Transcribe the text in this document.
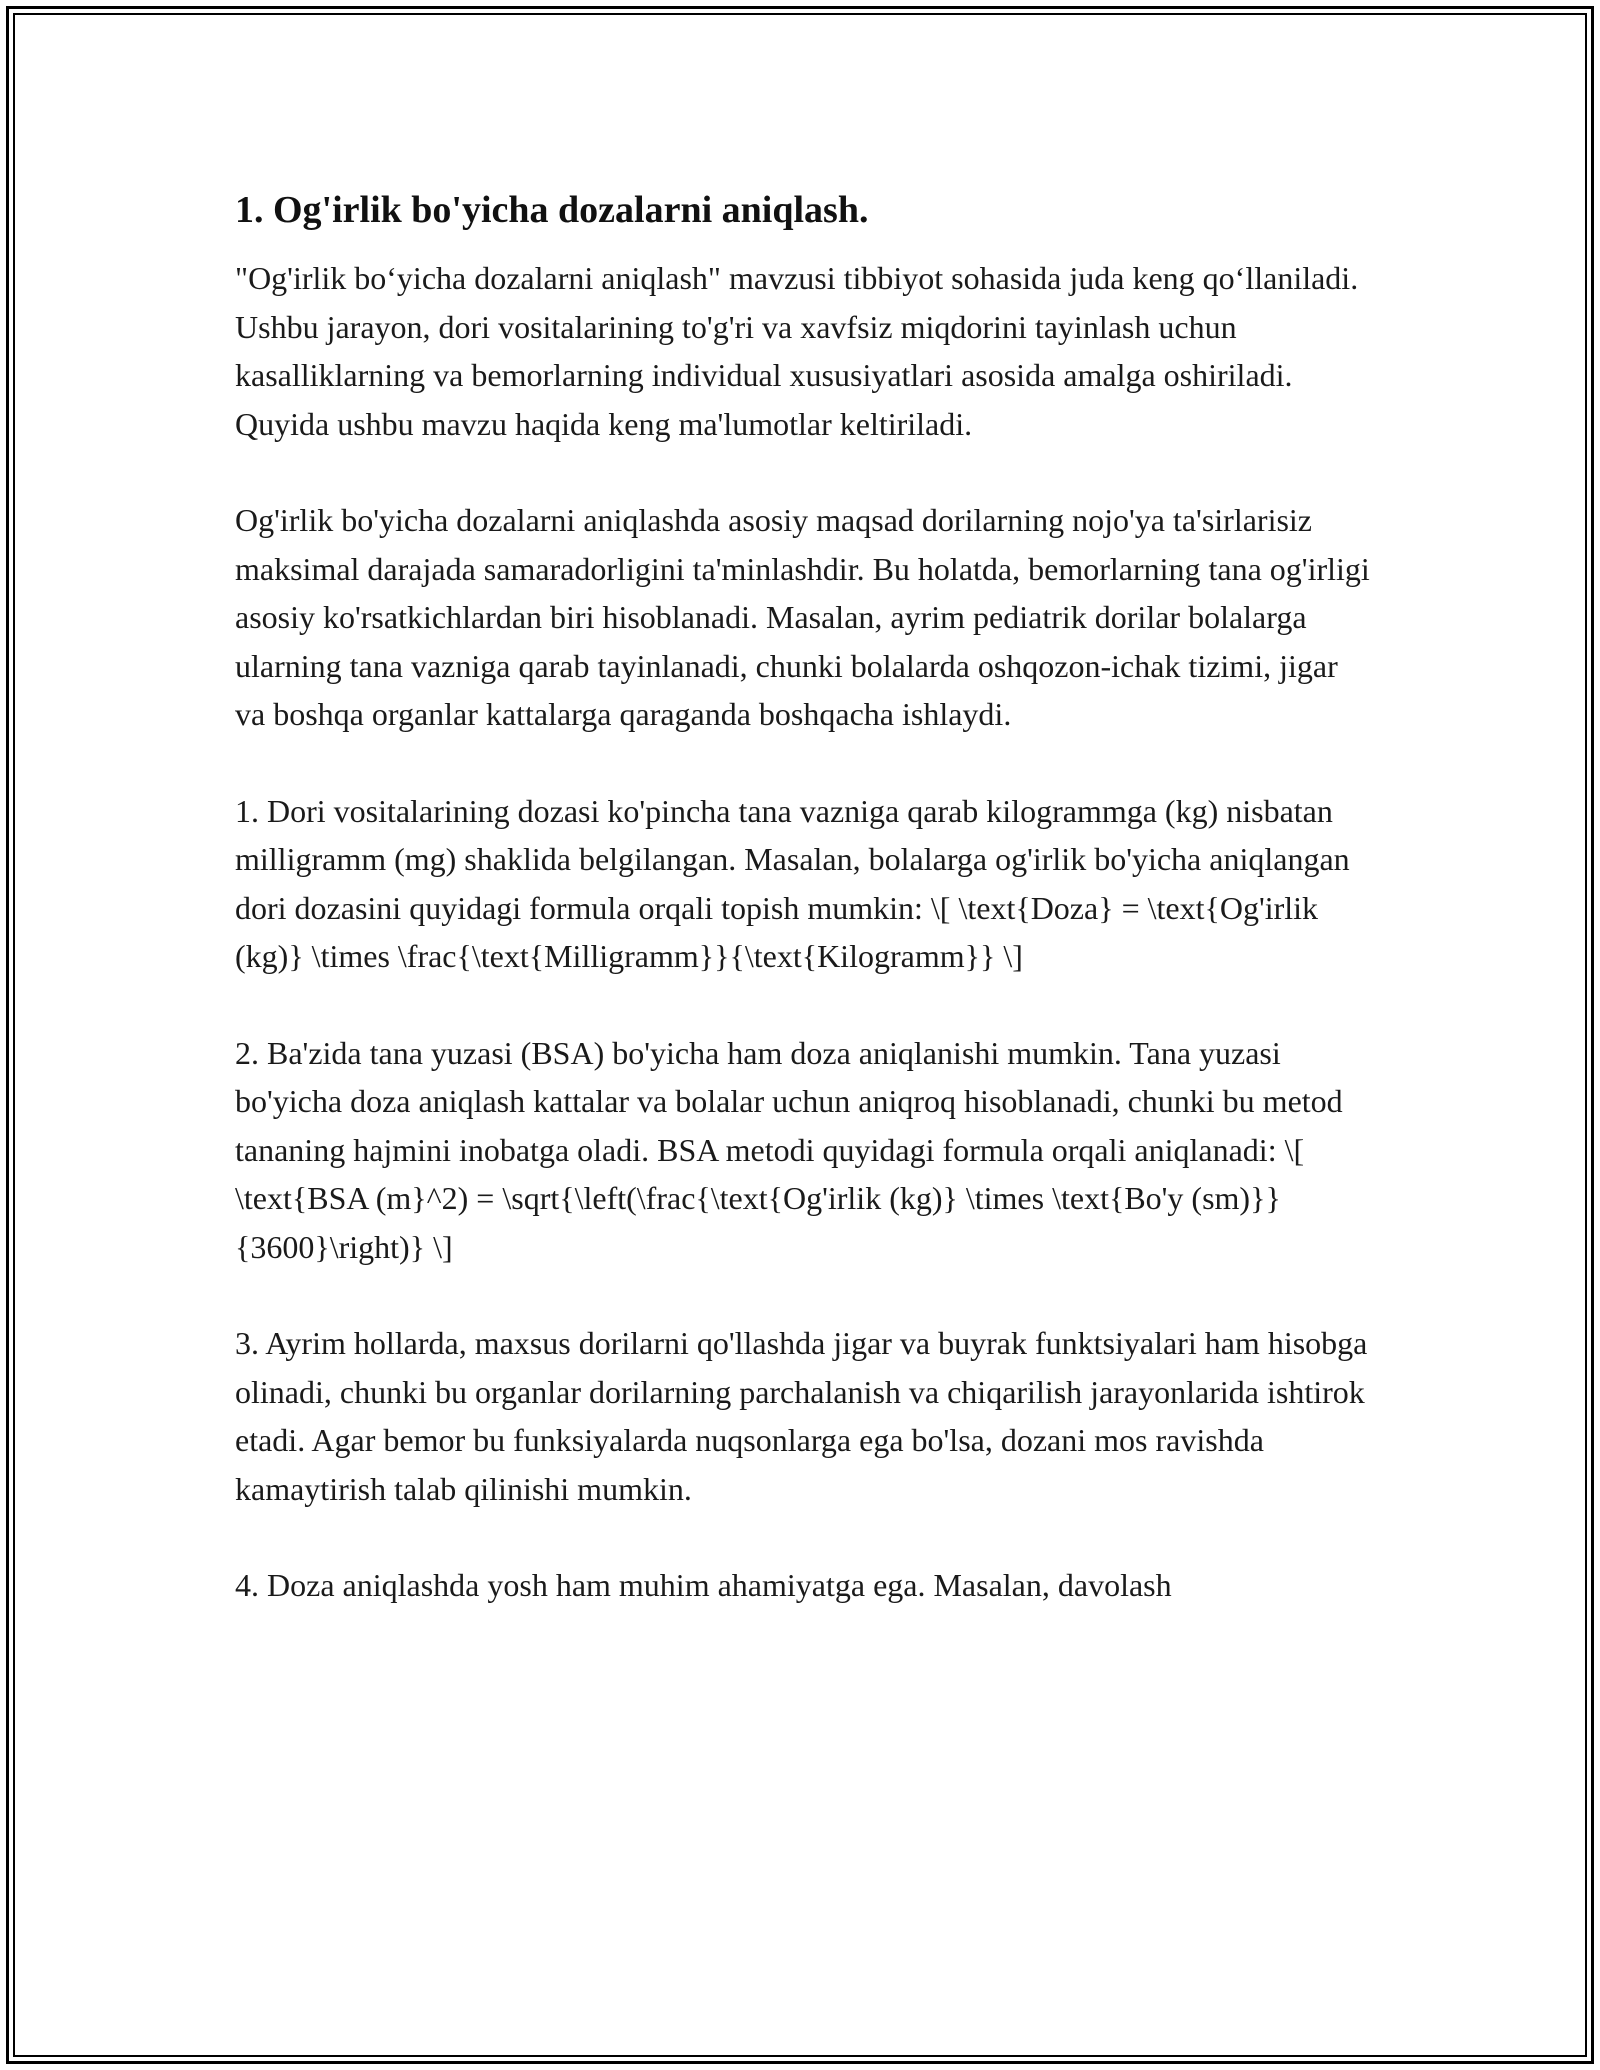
1. Og'irlik bo'yicha dozalarni aniqlash.

"Og'irlik bo‘yicha dozalarni aniqlash" mavzusi tibbiyot sohasida juda keng qo‘llaniladi. Ushbu jarayon, dori vositalarining to'g'ri va xavfsiz miqdorini tayinlash uchun kasalliklarning va bemorlarning individual xususiyatlari asosida amalga oshiriladi. Quyida ushbu mavzu haqida keng ma'lumotlar keltiriladi.

Og'irlik bo'yicha dozalarni aniqlashda asosiy maqsad dorilarning nojo'ya ta'sirlarisiz maksimal darajada samaradorligini ta'minlashdir. Bu holatda, bemorlarning tana og'irligi asosiy ko'rsatkichlardan biri hisoblanadi. Masalan, ayrim pediatrik dorilar bolalarga ularning tana vazniga qarab tayinlanadi, chunki bolalarda oshqozon-ichak tizimi, jigar va boshqa organlar kattalarga qaraganda boshqacha ishlaydi.

1. Dori vositalarining dozasi ko'pincha tana vazniga qarab kilogrammga (kg) nisbatan milligramm (mg) shaklida belgilangan. Masalan, bolalarga og'irlik bo'yicha aniqlangan dori dozasini quyidagi formula orqali topish mumkin: \[ \text{Doza} = \text{Og'irlik (kg)} \times \frac{\text{Milligramm}}{\text{Kilogramm}} \]

2. Ba'zida tana yuzasi (BSA) bo'yicha ham doza aniqlanishi mumkin. Tana yuzasi bo'yicha doza aniqlash kattalar va bolalar uchun aniqroq hisoblanadi, chunki bu metod tananing hajmini inobatga oladi. BSA metodi quyidagi formula orqali aniqlanadi: \[ \text{BSA (m}^2) = \sqrt{\left(\frac{\text{Og'irlik (kg)} \times \text{Bo'y (sm)}}{3600}\right)} \]

3. Ayrim hollarda, maxsus dorilarni qo'llashda jigar va buyrak funktsiyalari ham hisobga olinadi, chunki bu organlar dorilarning parchalanish va chiqarilish jarayonlarida ishtirok etadi. Agar bemor bu funksiyalarda nuqsonlarga ega bo'lsa, dozani mos ravishda kamaytirish talab qilinishi mumkin.

4. Doza aniqlashda yosh ham muhim ahamiyatga ega. Masalan, davolash
